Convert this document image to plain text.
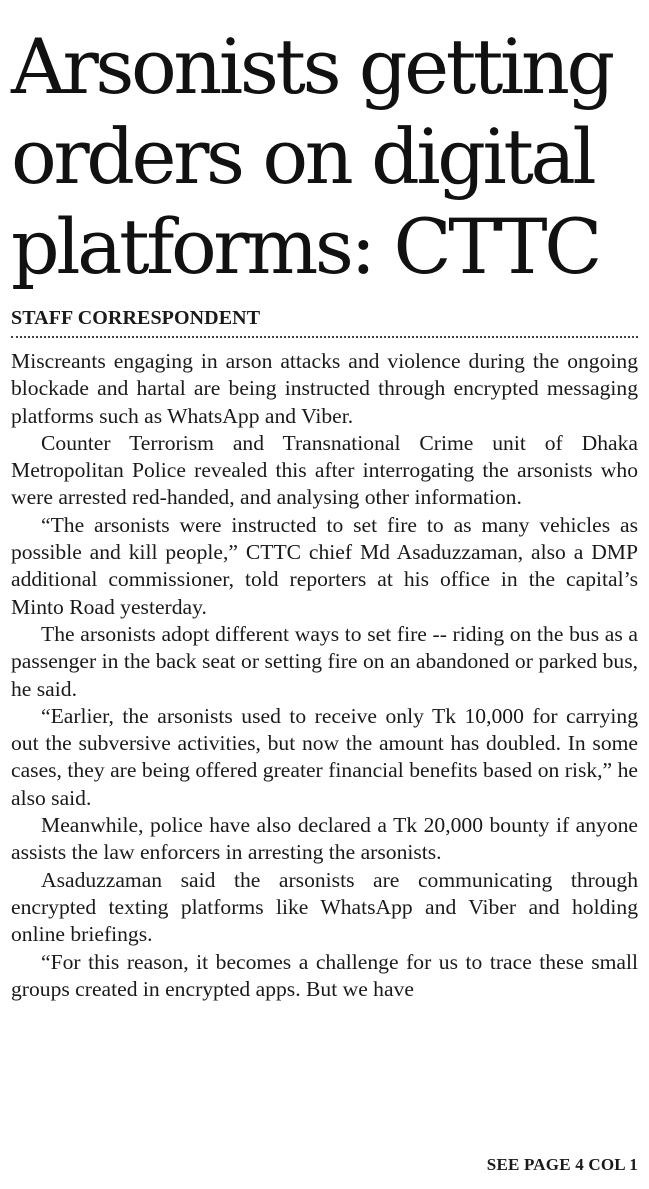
Arsonists getting
orders on digital
platforms: CTTC
STAFF CORRESPONDENT

Miscreants engaging in arson attacks and violence during the ongoing blockade and hartal are being instructed through encrypted messaging platforms such as WhatsApp and Viber.

Counter Terrorism and Transnational Crime unit of Dhaka Metropolitan Police revealed this after interrogating the arsonists who were arrested red-handed, and analysing other information.

“The arsonists were instructed to set fire to as many vehicles as possible and kill people,” CTTC chief Md Asaduzzaman, also a DMP additional commissioner, told reporters at his office in the capital’s Minto Road yesterday.

The arsonists adopt different ways to set fire -- riding on the bus as a passenger in the back seat or setting fire on an abandoned or parked bus, he said.

“Earlier, the arsonists used to receive only Tk 10,000 for carrying out the subversive activities, but now the amount has doubled. In some cases, they are being offered greater financial benefits based on risk,” he also said.

Meanwhile, police have also declared a Tk 20,000 bounty if anyone assists the law enforcers in arresting the arsonists.

Asaduzzaman said the arsonists are communicating through encrypted texting platforms like WhatsApp and Viber and holding online briefings.

“For this reason, it becomes a challenge for us to trace these small groups created in encrypted apps. But we have

SEE PAGE 4 COL 1
